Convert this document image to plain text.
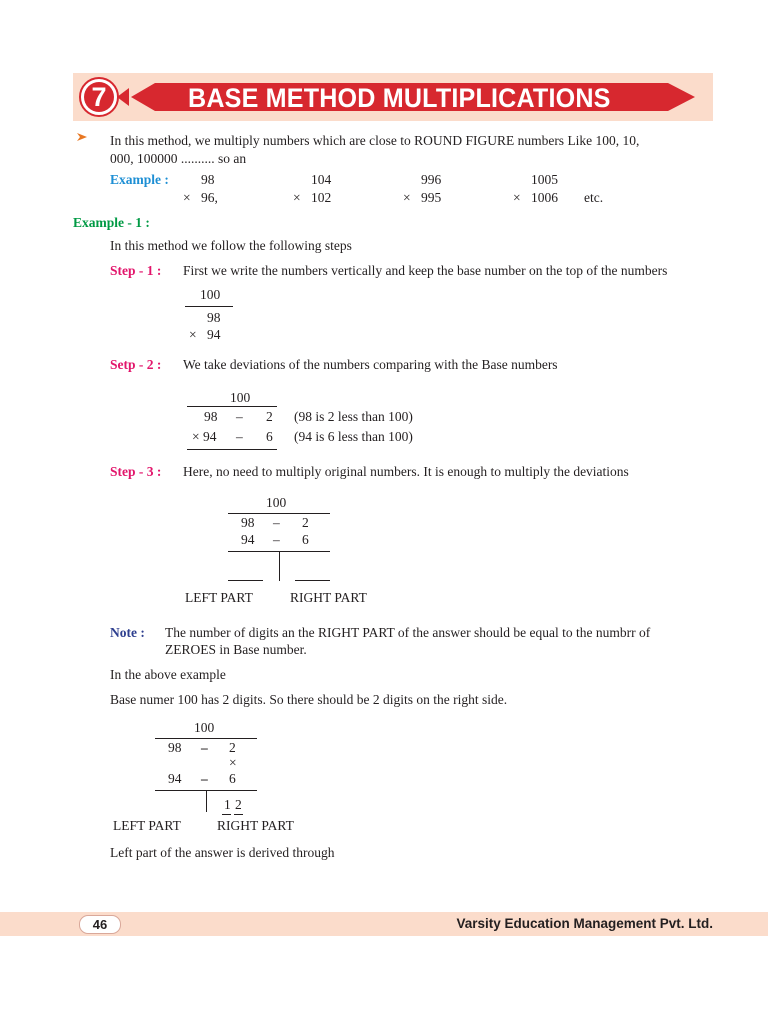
7	BASE METHOD MULTIPLICATIONS
In this method, we multiply numbers which are close to ROUND FIGURE numbers Like 100, 10,
000, 100000 .......... so an
Example : 98
× 96,
104
× 102
996
× 995
1005
× 1006 etc.
Example - 1 :
In this method we follow the following steps
Step - 1 : First we write the numbers vertically and keep the base number on the top of the numbers
100
98
× 94
Setp - 2 : We take deviations of the numbers comparing with the Base numbers
100
98 – 2 (98 is 2 less than 100)
× 94 – 6 (94 is 6 less than 100)
Step - 3 : Here, no need to multiply original numbers. It is enough to multiply the deviations
100
98 – 2
94 – 6
LEFT PART	RIGHT PART
Note : The number of digits an the RIGHT PART of the answer should be equal to the numbrr of
ZEROES in Base number.
In the above example
Base numer 100 has 2 digits. So there should be 2 digits on the right side.
100
98 – 2
×
94 – 6
1 2
LEFT PART	RIGHT PART
Left part of the answer is derived through
46	Varsity Education Management Pvt. Ltd.
